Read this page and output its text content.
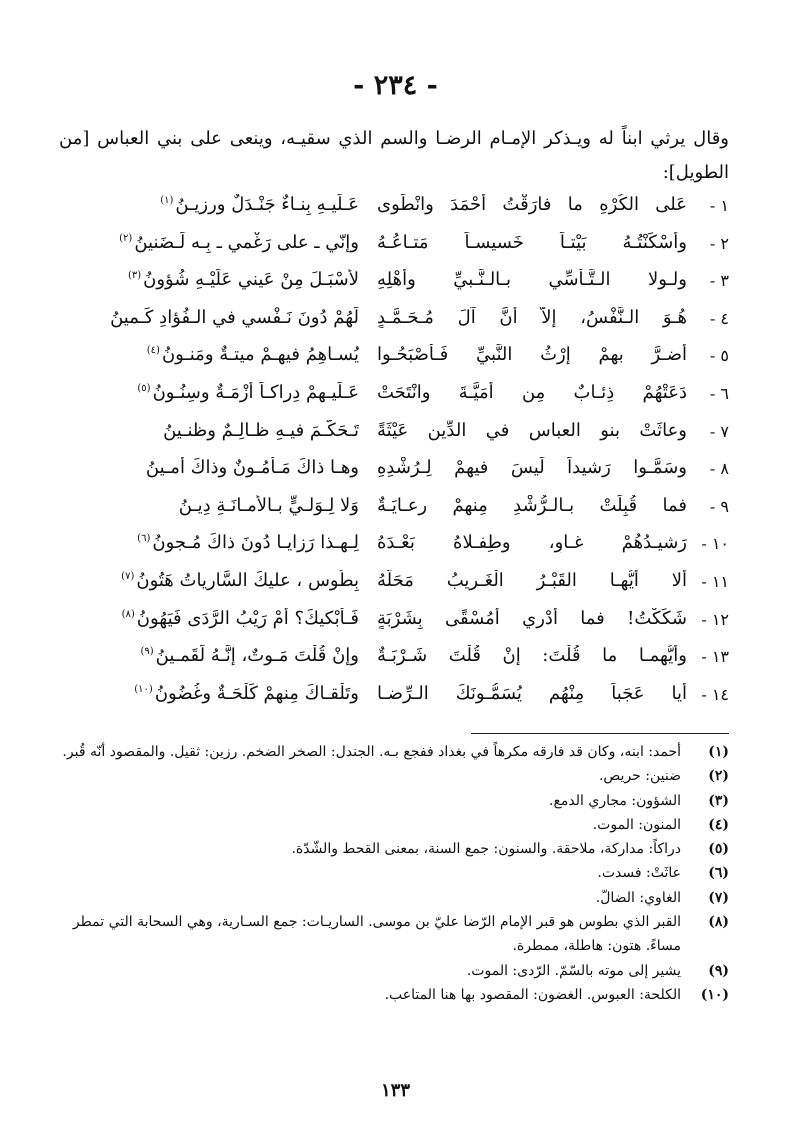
- ٢٣٤ -
وقال يرثي ابناً له ويـذكر الإمـام الرضـا والسم الذي سقيـه، وينعى على بني العباس [من الطويل]:
١ -
عَلى الكُرْهِ ما فارَقْتُ أَحْمَدَ وانْطَوى
عَـلَيـهِ بِنـاءٌ جَنْـدَلٌ ورزيـنُ$^{(١)}$
٢ -
وأَسْكَنْتُـهُ بَيْتـاً خَسيسـاً مَتـاعُـهُ
وإِنّي ـ على رَغْمي ـ بِـه لَـضَنينُ$^{(٢)}$
٣ -
ولـولا الـتَّـأَسِّي بـالـنَّـبيِّ وأَهْلِهِ
لأَسْبَـلَ مِنْ عَيني عَلَيْـهِ شُؤونُ$^{(٣)}$
٤ -
هُـوَ الـنَّفْسُ، إِلاَّ أَنَّ آلَ مُـحَـمَّـدٍ
لَهُمْ دُونَ نَـفْسي في الـفُؤادِ كَـمينُ
٥ -
أَضـرَّ بهمْ إِرْثُ النَّبيِّ فَـأَصْبَحُـوا
يُسـاهِمُ فيهِـمْ ميتـةٌ ومَنـونُ$^{(٤)}$
٦ -
دَعَتْهُمْ ذِئـابٌ مِن أُمَيَّـةَ وانْتَحَتْ
عَـلَيـهِمْ دِراكـاً أَزْمَـةٌ وسِنُـونُ$^{(٥)}$
٧ -
وعاثَتْ بنو العباسِ في الدِّينِ عَيْثَةً
تَـحَكَّـمَ فيـهِ ظـالِـمٌ وظنـينُ
٨ -
وسَمَّـوا رَشيداً لَيسَ فيهِمْ لِـرُشْدِهِ
وهـا ذاكَ مَـأْمُـونٌ وذاكَ أَمـينُ
٩ -
فما قُبِلَتْ بـالـرُّشْدِ مِنهمْ رِعـايَـةٌ
وَلا لِـوَلـيٍّ بـالأَمـانَـةِ دِيـنُ
١٠ -
رَشيـدُهُمْ غـاوٍ، وطِفـلاهُ بَعْـدَهُ
لِـهـذا رَزايـا دُونَ ذاكَ مُـجونُ$^{(٦)}$
١١ -
أَلا أَيُّهـا القَبْـرُ الْغَـريبُ مَحَلُّهُ
بِطُوسٍ ، عليكَ السَّارياتُ هَتُونُ$^{(٧)}$
١٢ -
شَكَكْتُ! فما أَدْري أَمُسْقًى بِشَرْبَةٍ
فَـأَبْكيكَ؟ أَمْ رَيْبُ الرَّدَى فَيَهُونُ$^{(٨)}$
١٣ -
وأَيُّهمـا ما قُلْتَ: إِنْ قُلْتَ شَـرْبَـةٌ
وإِنْ قُلْتَ مَـوتٌ، إِنَّـهُ لَقَمـينُ$^{(٩)}$
١٤ -
أَيا عَجَباً مِنْهُم يُسَمُّـونَكَ الـرِّضـا
وتَلْقـاكَ مِنهمْ كَلْحَـةٌ وغُضُونُ$^{(١٠)}$
(١)
أحمد: ابنه، وكان قد فارقه مكرهاً في بغداد ففجع بـه. الجندل: الصخر الضخم. رزين: ثقيل. والمقصود أنّه قُبر.
(٢)
ضنين: حريص.
(٣)
الشؤون: مجاري الدمع.
(٤)
المنون: الموت.
(٥)
دراكاً: مداركة، ملاحقة. والسنون: جمع السنة، بمعنى القحط والشّدّة.
(٦)
عاثَتْ: فسدت.
(٧)
الغاوي: الضالّ.
(٨)
القبر الذي بطوس هو قبر الإمام الرّضا عليّ بن موسى. الساريـات: جمع السـارية، وهي السحابة التي تمطر مساءً. هتون: هاطلة، ممطرة.
(٩)
يشير إلى موته بالسّمّ. الرّدى: الموت.
(١٠)
الكلحة: العبوس. الغضون: المقصود بها هنا المتاعب.
١٣٣
